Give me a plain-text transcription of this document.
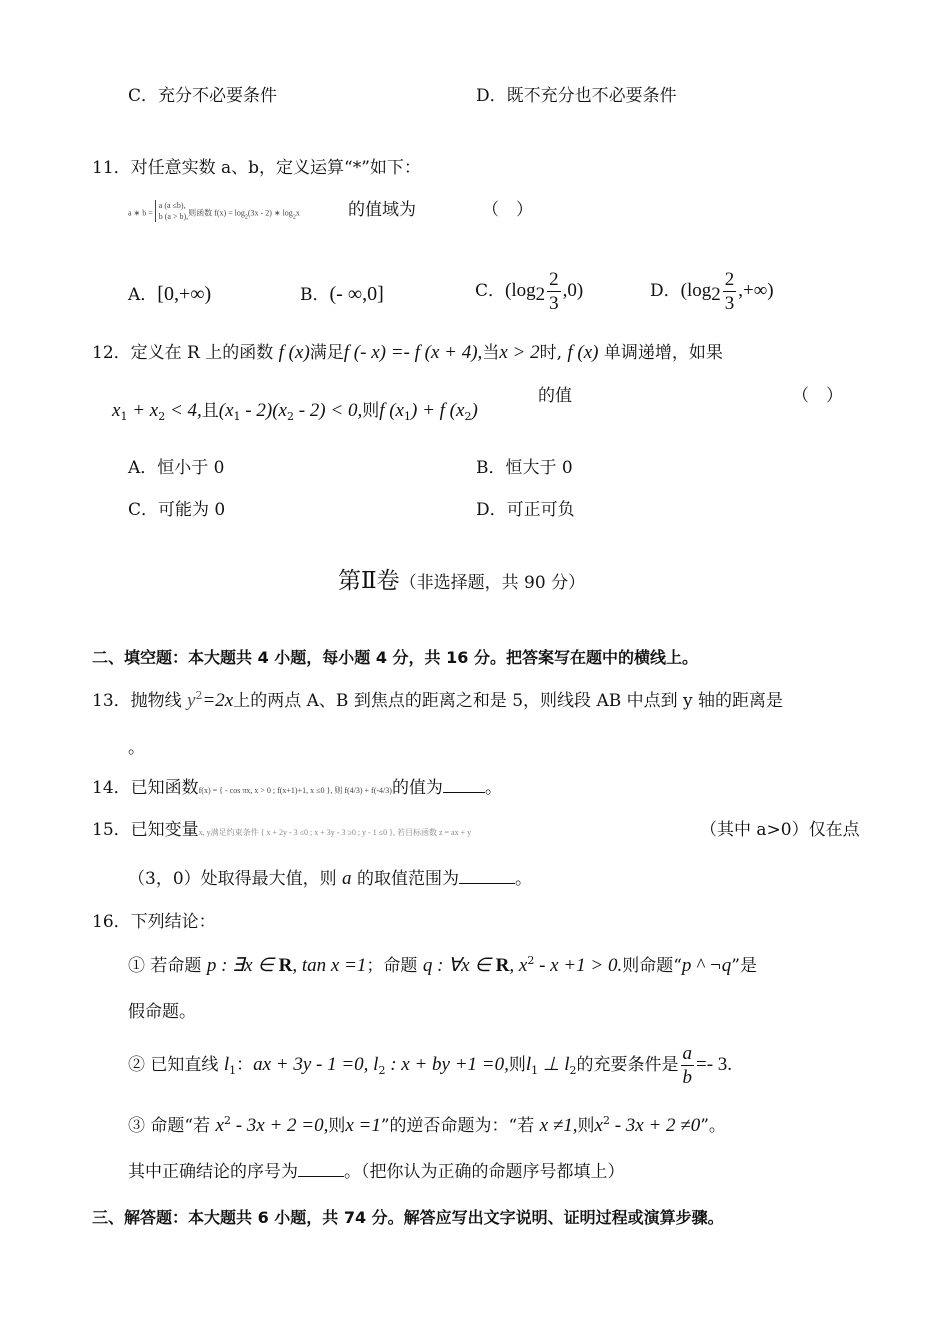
C．充分不必要条件	D．既不充分也不必要条件
11．对任意实数 a、b，定义运算“*”如下：
a ∗ b =
a (a ≤b),
b (a > b), 则函数 f(x) = log2(3x - 2) ∗ log2x	的值域为	（　）
A．[0,+∞)	B．(- ∞,0]	C．$(\log 2 \frac{2}{3} ,0)$	D．($\log 2 \frac{2}{3}$ ,+∞)
12．定义在 R 上的函数 f (x)满足f (- x) =- f (x + 4),当x > 2时, f (x) 单调递增，如果
$x_1 + x_2 < 4$,且$(x_1 - 2)(x_2 - 2) < 0$,则f $(x_1) + f$ $(x_2)$
的值	（　）
A．恒小于 0	B．恒大于 0
C．可能为 0	D．可正可负
第Ⅱ卷（非选择题，共 90 分）
二、填空题：本大题共 4 小题，每小题 4 分，共 16 分。把答案写在题中的横线上。
13．抛物线 $y^2=2x$上的两点 A、B 到焦点的距离之和是 5，则线段 AB 中点到 y 轴的距离是
。
14．已知函数f(x) = { - cos πx, x > 0 ; f(x+1)+1, x ≤0 }, 则 f(4/3) + f(-4/3)的值为 。
15．已知变量x, y满足约束条件 { x + 2y - 3 ≤0 ; x + 3y - 3 ≥0 ; y - 1 ≤0 }, 若目标函数 z = ax + y	（其中 a>0）仅在点
（3，0）处取得最大值，则 a 的取值范围为	。
16．下列结论：
① 若命题 p : ∃x ∈ R, tan x =1；命题 q : ∀x ∈ R, $x^2 - x +1 > 0$.则命题“p ^ ¬q”是
假命题。
② 已知直线 $l_1$：ax + 3y - 1 =0, $l_2$ : x + by +1 =0,则$l_1$ ⊥ $l_2$的充要条件是 $\frac{a}{b} =- 3$.
③ 命题“若 $x^2 - 3x + 2 =0$,则x =1”的逆否命题为：“若 x ≠1,则$x^2 - 3x + 2 \ne 0$”。
其中正确结论的序号为	。（把你认为正确的命题序号都填上）
三、解答题：本大题共 6 小题，共 74 分。解答应写出文字说明、证明过程或演算步骤。
